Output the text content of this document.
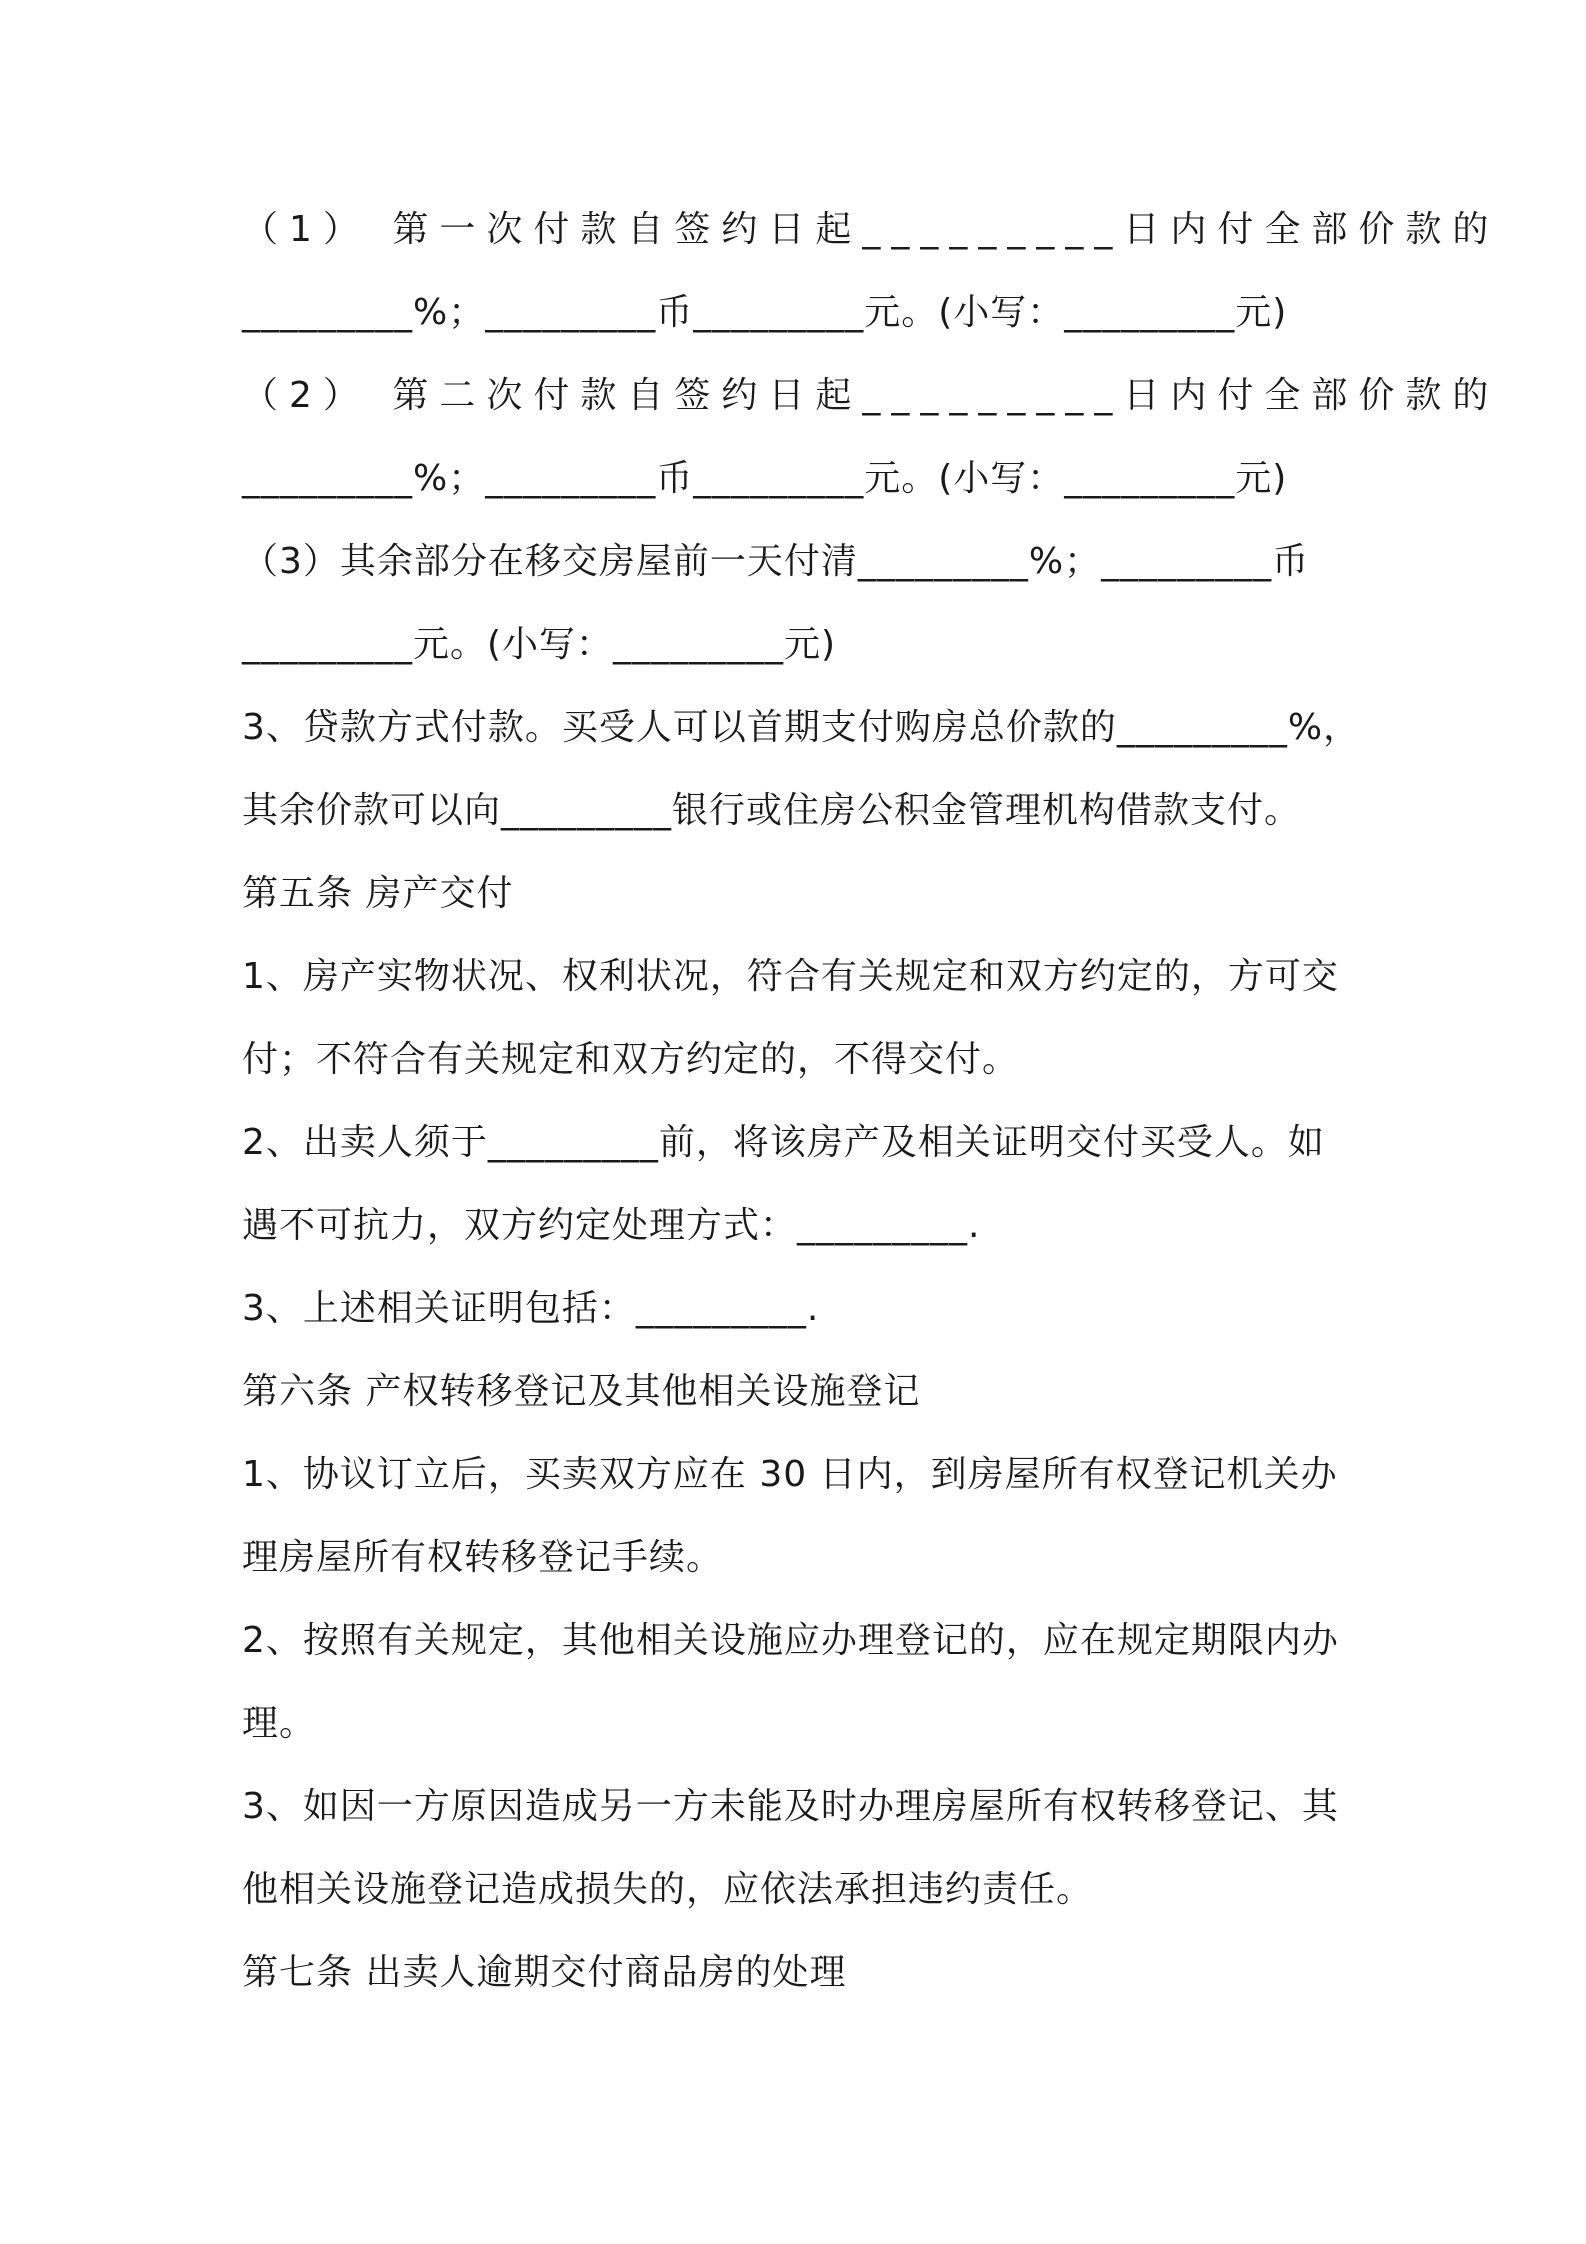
（1） 第一次付款自签约日起_________日内付全部价款的
_________%；_________币_________元。(小写：_________元)
（2） 第二次付款自签约日起_________日内付全部价款的
_________%；_________币_________元。(小写：_________元)
（3）其余部分在移交房屋前一天付清_________%；_________币
_________元。(小写：_________元)
3、贷款方式付款。买受人可以首期支付购房总价款的_________%，
其余价款可以向_________银行或住房公积金管理机构借款支付。
第五条 房产交付
1、房产实物状况、权利状况，符合有关规定和双方约定的，方可交
付；不符合有关规定和双方约定的，不得交付。
2、出卖人须于_________前，将该房产及相关证明交付买受人。如
遇不可抗力，双方约定处理方式：_________.
3、上述相关证明包括：_________.
第六条 产权转移登记及其他相关设施登记
1、协议订立后，买卖双方应在 30 日内，到房屋所有权登记机关办
理房屋所有权转移登记手续。
2、按照有关规定，其他相关设施应办理登记的，应在规定期限内办
理。
3、如因一方原因造成另一方未能及时办理房屋所有权转移登记、其
他相关设施登记造成损失的，应依法承担违约责任。
第七条 出卖人逾期交付商品房的处理
